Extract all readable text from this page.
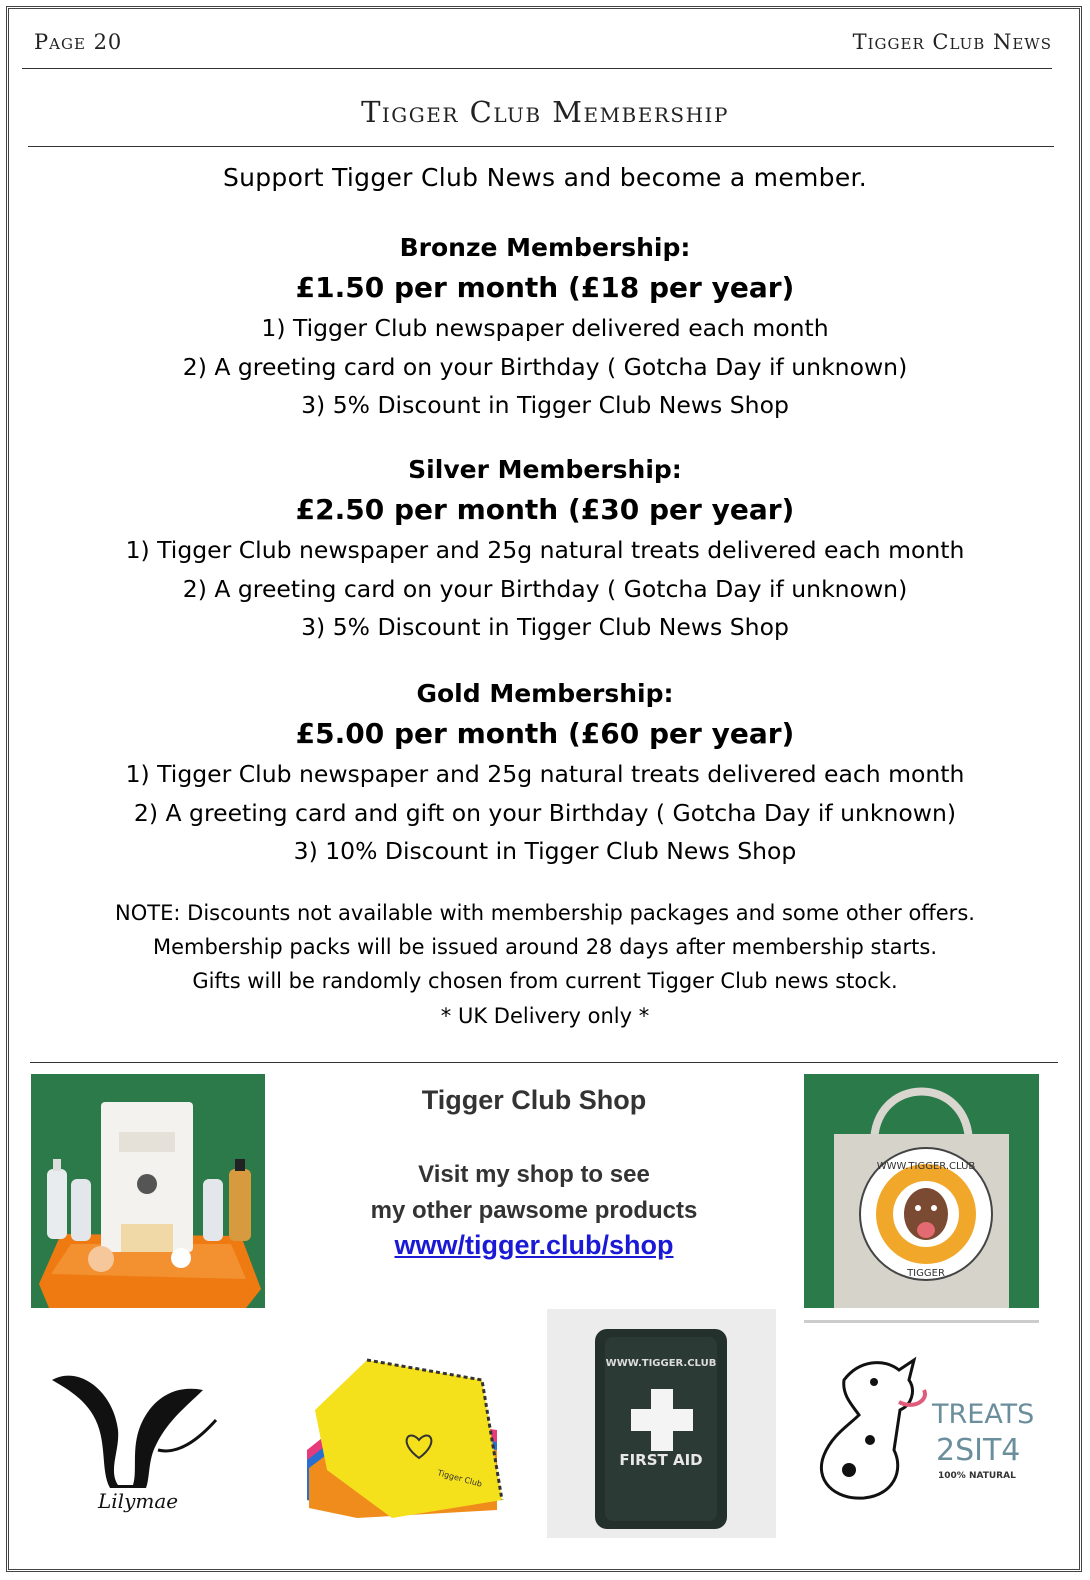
Page 20	Tigger Club News
Tigger Club Membership
Support Tigger Club News and become a member.
Bronze Membership:
£1.50 per month (£18 per year)
1) Tigger Club newspaper delivered each month
2) A greeting card on your Birthday ( Gotcha Day if unknown)
3) 5% Discount in Tigger Club News Shop
Silver Membership:
£2.50 per month (£30 per year)
1) Tigger Club newspaper and 25g natural treats delivered each month
2) A greeting card on your Birthday ( Gotcha Day if unknown)
3) 5% Discount in Tigger Club News Shop
Gold Membership:
£5.00 per month (£60 per year)
1) Tigger Club newspaper and 25g natural treats delivered each month
2) A greeting card and gift on your Birthday ( Gotcha Day if unknown)
3) 10% Discount in Tigger Club News Shop
NOTE: Discounts not available with membership packages and some other offers.
Membership packs will be issued around 28 days after membership starts.
Gifts will be randomly chosen from current Tigger Club news stock.
* UK Delivery only *
Tigger Club Shop
Visit my shop to see
my other pawsome products
www/tigger.club/shop
WWW.TIGGER.CLUB
TIGGER
Lilymae
Tigger Club
WWW.TIGGER.CLUB
FIRST AID
TREATS
2SIT4
100% NATURAL
